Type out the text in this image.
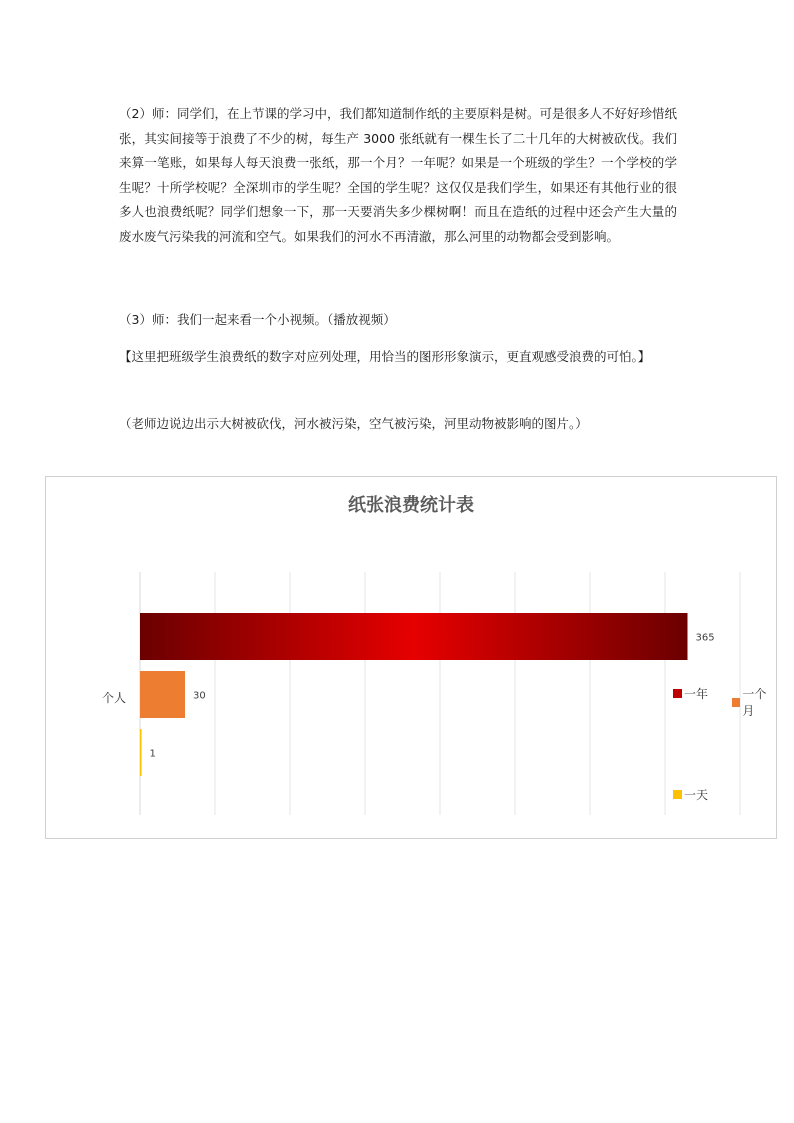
（2）师：同学们，在上节课的学习中，我们都知道制作纸的主要原料是树。可是很多人不好好珍惜纸张，其实间接等于浪费了不少的树，每生产 3000 张纸就有一棵生长了二十几年的大树被砍伐。我们来算一笔账，如果每人每天浪费一张纸，那一个月？一年呢？如果是一个班级的学生？一个学校的学生呢？十所学校呢？全深圳市的学生呢？全国的学生呢？这仅仅是我们学生，如果还有其他行业的很多人也浪费纸呢？同学们想象一下，那一天要消失多少棵树啊！而且在造纸的过程中还会产生大量的废水废气污染我的河流和空气。如果我们的河水不再清澈，那么河里的动物都会受到影响。

（3）师：我们一起来看一个小视频。（播放视频）

【这里把班级学生浪费纸的数字对应列处理，用恰当的图形形象演示，更直观感受浪费的可怕。】

（老师边说边出示大树被砍伐，河水被污染，空气被污染，河里动物被影响的图片。）

纸张浪费统计表
个人
365
30
1
一年	一个月
一天
